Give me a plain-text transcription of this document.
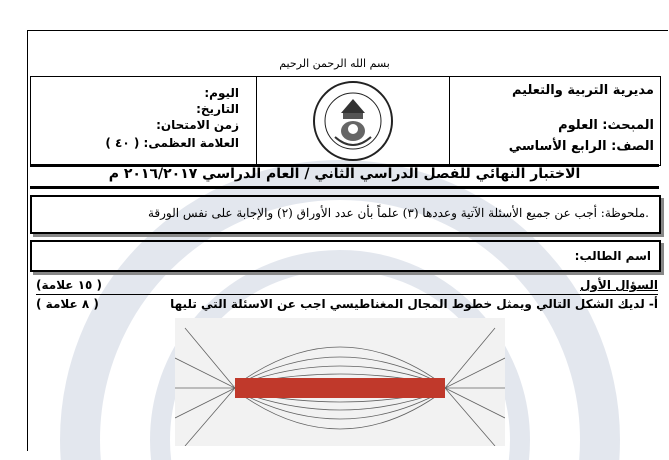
بسم الله الرحمن الرحيم
مديرية التربية والتعليم
المبحث: العلوم
الصف: الرابع الأساسي
اليوم:
التاريخ:
زمن الامتحان:
العلامة العظمى: ( ٤٠ )
الاختبار النهائي للفصل الدراسي الثاني / العام الدراسي ٢٠١٦/٢٠١٧ م
.ملحوظة: أجب عن جميع الأسئلة الآتية وعددها (٣) علماً بأن عدد الأوراق (٢) والإجابة على نفس الورقة
اسم الطالب:
السؤال الأول
( ١٥ علامة)
أ- لديك الشكل التالي ويمثل خطوط المجال المغناطيسي اجب عن الاسئلة التي تليها
( ٨ علامة )
